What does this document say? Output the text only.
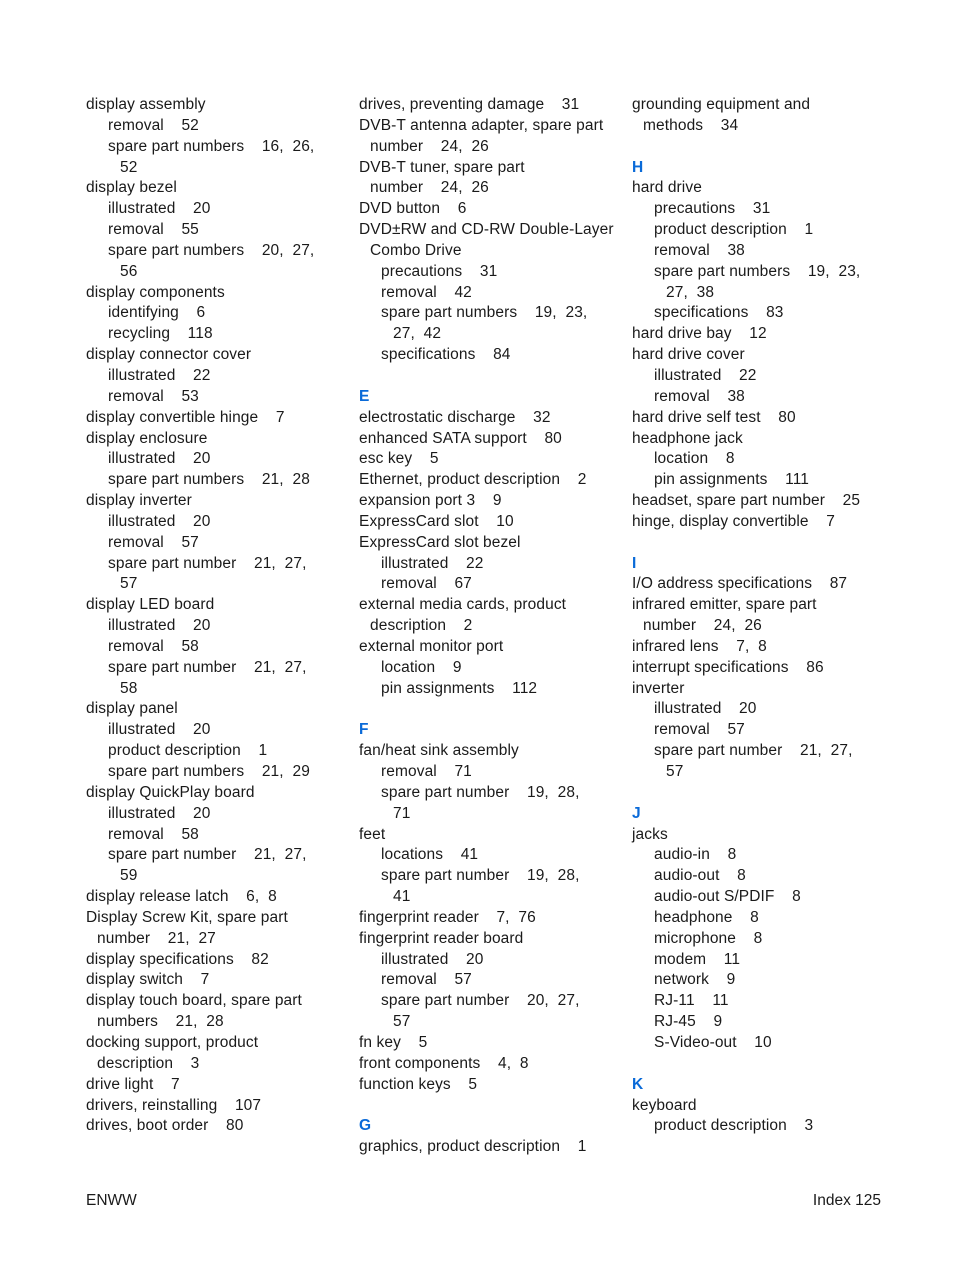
display assembly
removal    52
spare part numbers    16,  26,
52
display bezel
illustrated    20
removal    55
spare part numbers    20,  27,
56
display components
identifying    6
recycling    118
display connector cover
illustrated    22
removal    53
display convertible hinge    7
display enclosure
illustrated    20
spare part numbers    21,  28
display inverter
illustrated    20
removal    57
spare part number    21,  27,
57
display LED board
illustrated    20
removal    58
spare part number    21,  27,
58
display panel
illustrated    20
product description    1
spare part numbers    21,  29
display QuickPlay board
illustrated    20
removal    58
spare part number    21,  27,
59
display release latch    6,  8
Display Screw Kit, spare part
number    21,  27
display specifications    82
display switch    7
display touch board, spare part
numbers    21,  28
docking support, product
description    3
drive light    7
drivers, reinstalling    107
drives, boot order    80
drives, preventing damage    31
DVB-T antenna adapter, spare part
number    24,  26
DVB-T tuner, spare part
number    24,  26
DVD button    6
DVD±RW and CD-RW Double-Layer
Combo Drive
precautions    31
removal    42
spare part numbers    19,  23,
27,  42
specifications    84
E
electrostatic discharge    32
enhanced SATA support    80
esc key    5
Ethernet, product description    2
expansion port 3    9
ExpressCard slot    10
ExpressCard slot bezel
illustrated    22
removal    67
external media cards, product
description    2
external monitor port
location    9
pin assignments    112
F
fan/heat sink assembly
removal    71
spare part number    19,  28,
71
feet
locations    41
spare part number    19,  28,
41
fingerprint reader    7,  76
fingerprint reader board
illustrated    20
removal    57
spare part number    20,  27,
57
fn key    5
front components    4,  8
function keys    5
G
graphics, product description    1
grounding equipment and
methods    34
H
hard drive
precautions    31
product description    1
removal    38
spare part numbers    19,  23,
27,  38
specifications    83
hard drive bay    12
hard drive cover
illustrated    22
removal    38
hard drive self test    80
headphone jack
location    8
pin assignments    111
headset, spare part number    25
hinge, display convertible    7
I
I/O address specifications    87
infrared emitter, spare part
number    24,  26
infrared lens    7,  8
interrupt specifications    86
inverter
illustrated    20
removal    57
spare part number    21,  27,
57
J
jacks
audio-in    8
audio-out    8
audio-out S/PDIF    8
headphone    8
microphone    8
modem    11
network    9
RJ-11    11
RJ-45    9
S-Video-out    10
K
keyboard
product description    3
ENWW	Index 125
